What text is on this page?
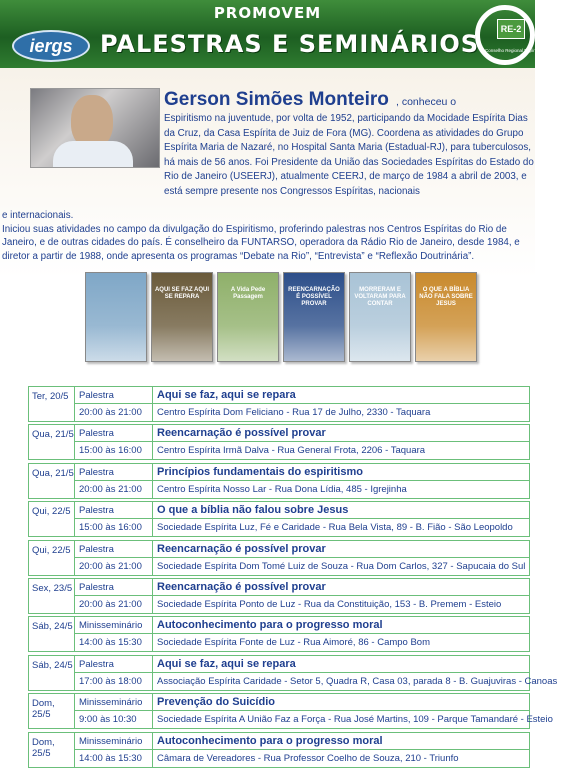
PROMOVEM
iergs	PALESTRAS E SEMINÁRIOS
RE-2
Conselho Regional Espírita 2ª Região Unificadora
Gerson Simões Monteiro , conheceu o
Espiritismo na juventude, por volta de 1952, participando da Mocidade Espírita Dias da Cruz, da Casa Espírita de Juiz de Fora (MG). Coordena as atividades do Grupo Espírita Maria de Nazaré, no Hospital Santa Maria (Estadual-RJ), para tuberculosos, há mais de 56 anos. Foi Presidente da União das Sociedades Espíritas do Estado do Rio de Janeiro (USEERJ), atualmente CEERJ, de março de 1984 a abril de 2003, e está sempre presente nos Congressos Espíritas, nacionais
e internacionais.
Iniciou suas atividades no campo da divulgação do Espiritismo, proferindo palestras nos Centros Espíritas do Rio de Janeiro, e de outras cidades do país. É conselheiro da FUNTARSO, operadora da Rádio Rio de Janeiro, desde 1984, e diretor a partir de 1988, onde apresenta os programas “Debate na Rio”, “Entrevista” e “Reflexão Doutrinária”.
AQUI SE FAZ AQUI SE REPARA
A Vida Pede Passagem
REENCARNAÇÃO É POSSÍVEL PROVAR
MORRERAM E VOLTARAM PARA CONTAR
O QUE A BÍBLIA NÃO FALA SOBRE JESUS
Ter, 20/5	Palestra
20:00 às 21:00
Aqui se faz, aqui se repara
Centro Espírita Dom Feliciano - Rua 17 de Julho, 2330 - Taquara
Qua, 21/5 Palestra
15:00 às 16:00
Reencarnação é possível provar
Centro Espírita Irmã Dalva - Rua General Frota, 2206 - Taquara
Qua, 21/5 Palestra
20:00 às 21:00
Princípios fundamentais do espiritismo
Centro Espírita Nosso Lar - Rua Dona Lídia, 485 - Igrejinha
Qui, 22/5 Palestra
15:00 às 16:00
O que a bíblia não falou sobre Jesus
Sociedade Espírita Luz, Fé e Caridade - Rua Bela Vista, 89 - B. Fião - São Leopoldo
Qui, 22/5 Palestra
20:00 às 21:00
Reencarnação é possível provar
Sociedade Espírita Dom Tomé Luiz de Souza - Rua Dom Carlos, 327 - Sapucaia do Sul
Sex, 23/5 Palestra
20:00 às 21:00
Reencarnação é possível provar
Sociedade Espírita Ponto de Luz - Rua da Constituição, 153 - B. Premem - Esteio
Sáb, 24/5 Minisseminário
14:00 às 15:30
Autoconhecimento para o progresso moral
Sociedade Espírita Fonte de Luz - Rua Aimoré, 86 - Campo Bom
Sáb, 24/5 Palestra
17:00 às 18:00
Aqui se faz, aqui se repara
Associação Espírita Caridade - Setor 5, Quadra R, Casa 03, parada 8 - B. Guajuviras - Canoas
Dom, 25/5
Minisseminário
9:00 às 10:30
Prevenção do Suicídio
Sociedade Espírita A União Faz a Força - Rua José Martins, 109 - Parque Tamandaré - Esteio
Dom, 25/5
Minisseminário
14:00 às 15:30
Autoconhecimento para o progresso moral
Câmara de Vereadores - Rua Professor Coelho de Souza, 210 - Triunfo
